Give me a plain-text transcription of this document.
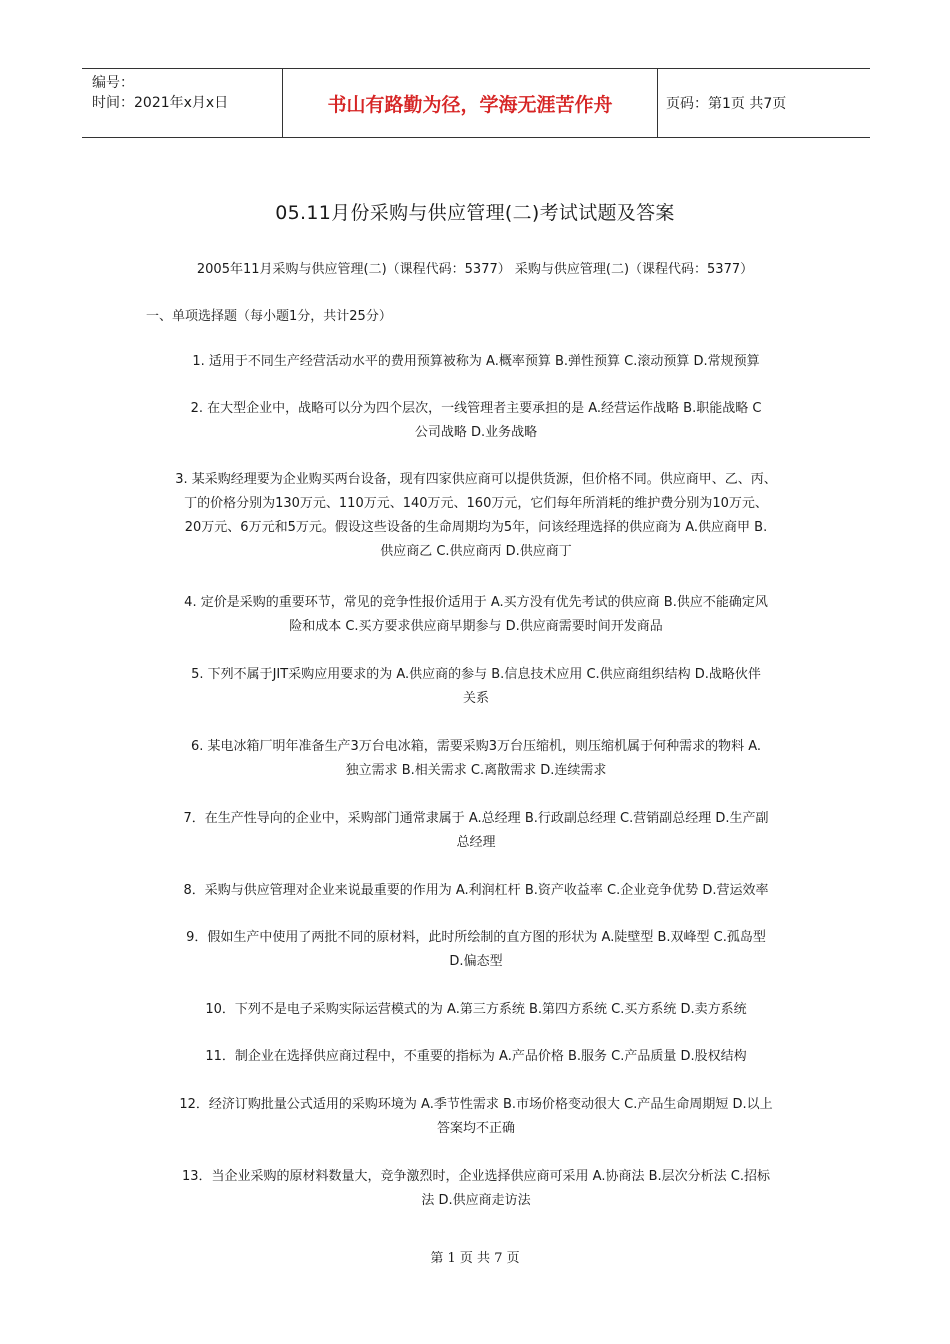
编号：
时间：2021年x月x日	书山有路勤为径，学海无涯苦作舟	页码：第1页 共7页
05.11月份采购与供应管理(二)考试试题及答案
2005年11月采购与供应管理(二)（课程代码：5377） 采购与供应管理(二)（课程代码：5377）
一、单项选择题（每小题1分，共计25分）
1. 适用于不同生产经营活动水平的费用预算被称为 A.概率预算 B.弹性预算 C.滚动预算 D.常规预算
2. 在大型企业中，战略可以分为四个层次，一线管理者主要承担的是 A.经营运作战略 B.职能战略 C
公司战略 D.业务战略
3. 某采购经理要为企业购买两台设备，现有四家供应商可以提供货源，但价格不同。供应商甲、乙、丙、
丁的价格分别为130万元、110万元、140万元、160万元，它们每年所消耗的维护费分别为10万元、
20万元、6万元和5万元。假设这些设备的生命周期均为5年，问该经理选择的供应商为 A.供应商甲 B.
供应商乙 C.供应商丙 D.供应商丁
4. 定价是采购的重要环节，常见的竞争性报价适用于 A.买方没有优先考试的供应商 B.供应不能确定风
险和成本 C.买方要求供应商早期参与 D.供应商需要时间开发商品
5. 下列不属于JIT采购应用要求的为 A.供应商的参与 B.信息技术应用 C.供应商组织结构 D.战略伙伴
关系
6. 某电冰箱厂明年准备生产3万台电冰箱，需要采购3万台压缩机，则压缩机属于何种需求的物料 A.
独立需求 B.相关需求 C.离散需求 D.连续需求
7．在生产性导向的企业中，采购部门通常隶属于 A.总经理 B.行政副总经理 C.营销副总经理 D.生产副
总经理
8．采购与供应管理对企业来说最重要的作用为 A.利润杠杆 B.资产收益率 C.企业竞争优势 D.营运效率
9．假如生产中使用了两批不同的原材料，此时所绘制的直方图的形状为 A.陡壁型 B.双峰型 C.孤岛型
D.偏态型
10．下列不是电子采购实际运营模式的为 A.第三方系统 B.第四方系统 C.买方系统 D.卖方系统
11．制企业在选择供应商过程中，不重要的指标为 A.产品价格 B.服务 C.产品质量 D.股权结构
12．经济订购批量公式适用的采购环境为 A.季节性需求 B.市场价格变动很大 C.产品生命周期短 D.以上
答案均不正确
13．当企业采购的原材料数量大，竞争激烈时，企业选择供应商可采用 A.协商法 B.层次分析法 C.招标
法 D.供应商走访法
第 1 页 共 7 页
